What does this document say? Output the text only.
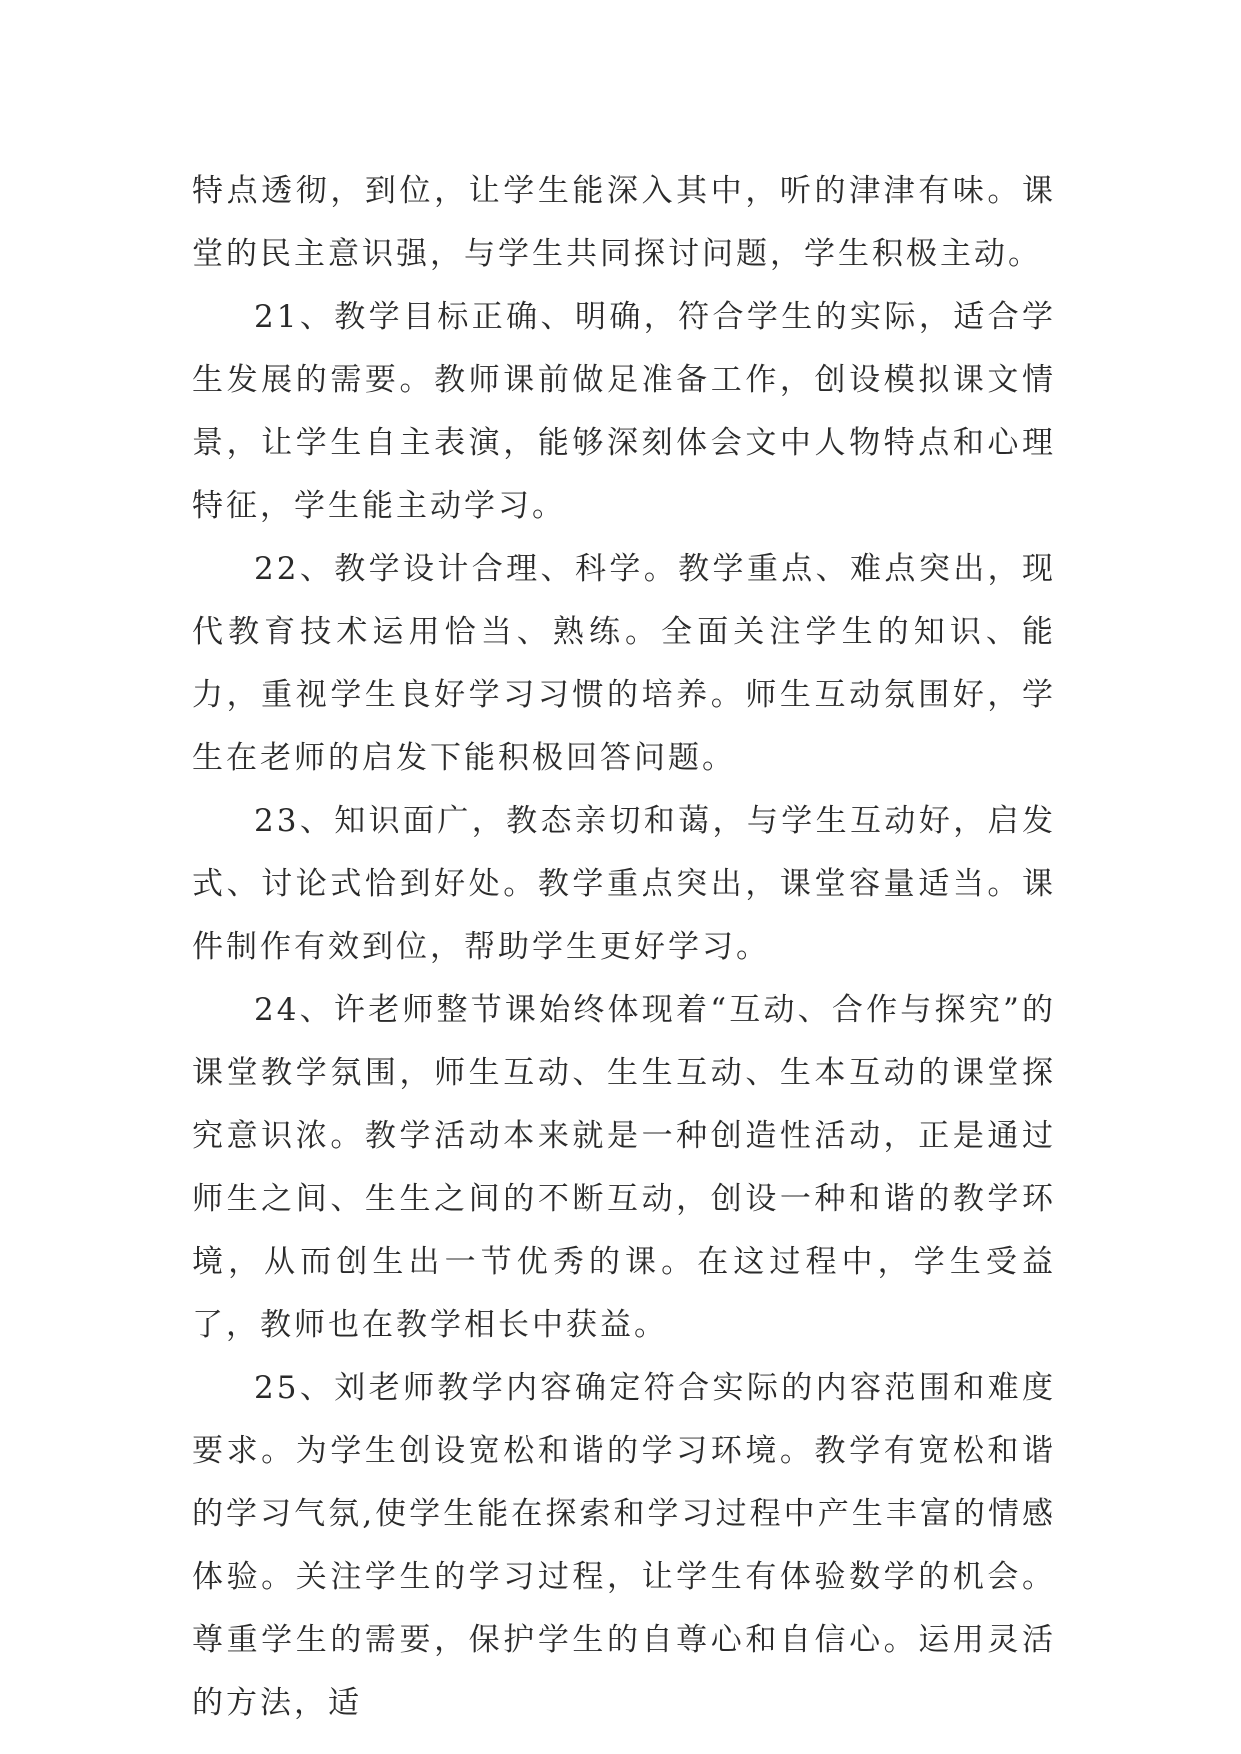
特点透彻，到位，让学生能深入其中，听的津津有味。课堂的民主意识强，与学生共同探讨问题，学生积极主动。

21、教学目标正确、明确，符合学生的实际，适合学生发展的需要。教师课前做足准备工作，创设模拟课文情景，让学生自主表演，能够深刻体会文中人物特点和心理特征，学生能主动学习。

22、教学设计合理、科学。教学重点、难点突出，现代教育技术运用恰当、熟练。全面关注学生的知识、能力，重视学生良好学习习惯的培养。师生互动氛围好，学生在老师的启发下能积极回答问题。

23、知识面广，教态亲切和蔼，与学生互动好，启发式、讨论式恰到好处。教学重点突出，课堂容量适当。课件制作有效到位，帮助学生更好学习。

24、许老师整节课始终体现着“互动、合作与探究”的课堂教学氛围，师生互动、生生互动、生本互动的课堂探究意识浓。教学活动本来就是一种创造性活动，正是通过师生之间、生生之间的不断互动，创设一种和谐的教学环境，从而创生出一节优秀的课。在这过程中，学生受益了，教师也在教学相长中获益。

25、刘老师教学内容确定符合实际的内容范围和难度要求。为学生创设宽松和谐的学习环境。教学有宽松和谐的学习气氛,使学生能在探索和学习过程中产生丰富的情感体验。关注学生的学习过程，让学生有体验数学的机会。尊重学生的需要，保护学生的自尊心和自信心。运用灵活的方法，适
